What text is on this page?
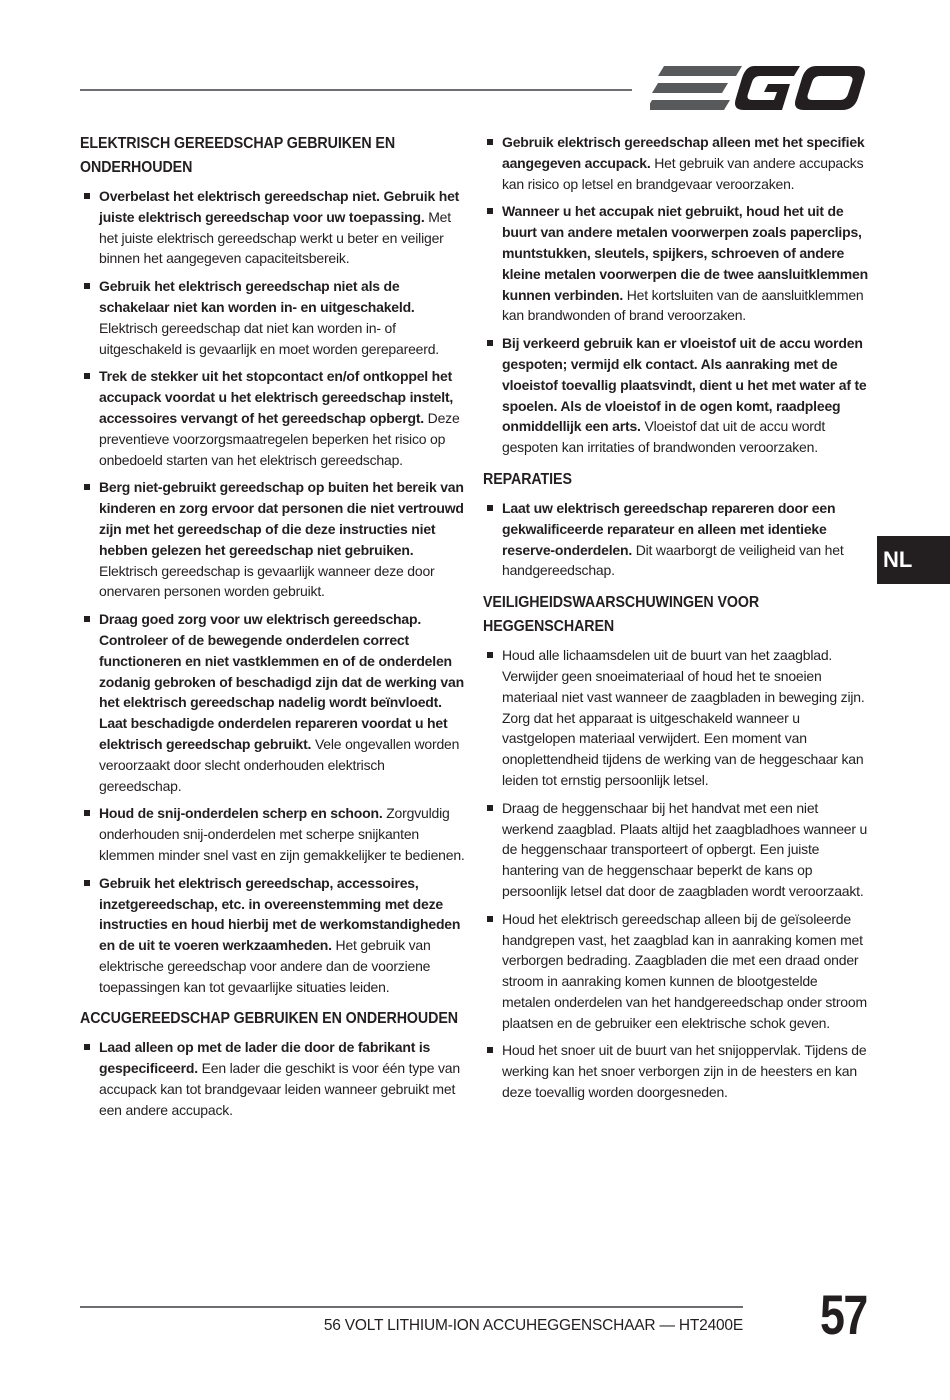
EGO
ELEKTRISCH GEREEDSCHAP GEBRUIKEN EN ONDERHOUDEN
Overbelast het elektrisch gereedschap niet. Gebruik het juiste elektrisch gereedschap voor uw toepassing. Met het juiste elektrisch gereedschap werkt u beter en veiliger binnen het aangegeven capaciteitsbereik.
Gebruik het elektrisch gereedschap niet als de schakelaar niet kan worden in- en uitgeschakeld. Elektrisch gereedschap dat niet kan worden in- of uitgeschakeld is gevaarlijk en moet worden gerepareerd.
Trek de stekker uit het stopcontact en/of ontkoppel het accupack voordat u het elektrisch gereedschap instelt, accessoires vervangt of het gereedschap opbergt. Deze preventieve voorzorgsmaatregelen beperken het risico op onbedoeld starten van het elektrisch gereedschap.
Berg niet-gebruikt gereedschap op buiten het bereik van kinderen en zorg ervoor dat personen die niet vertrouwd zijn met het gereedschap of die deze instructies niet hebben gelezen het gereedschap niet gebruiken. Elektrisch gereedschap is gevaarlijk wanneer deze door onervaren personen worden gebruikt.
Draag goed zorg voor uw elektrisch gereedschap. Controleer of de bewegende onderdelen correct functioneren en niet vastklemmen en of de onderdelen zodanig gebroken of beschadigd zijn dat de werking van het elektrisch gereedschap nadelig wordt beïnvloedt. Laat beschadigde onderdelen repareren voordat u het elektrisch gereedschap gebruikt. Vele ongevallen worden veroorzaakt door slecht onderhouden elektrisch gereedschap.
Houd de snij-onderdelen scherp en schoon. Zorgvuldig onderhouden snij-onderdelen met scherpe snijkanten klemmen minder snel vast en zijn gemakkelijker te bedienen.
Gebruik het elektrisch gereedschap, accessoires, inzetgereedschap, etc. in overeenstemming met deze instructies en houd hierbij met de werkomstandigheden en de uit te voeren werkzaamheden. Het gebruik van elektrische gereedschap voor andere dan de voorziene toepassingen kan tot gevaarlijke situaties leiden.
ACCUGEREEDSCHAP GEBRUIKEN EN ONDERHOUDEN
Laad alleen op met de lader die door de fabrikant is gespecificeerd. Een lader die geschikt is voor één type van accupack kan tot brandgevaar leiden wanneer gebruikt met een andere accupack.
Gebruik elektrisch gereedschap alleen met het specifiek aangegeven accupack. Het gebruik van andere accupacks kan risico op letsel en brandgevaar veroorzaken.
Wanneer u het accupak niet gebruikt, houd het uit de buurt van andere metalen voorwerpen zoals paperclips, muntstukken, sleutels, spijkers, schroeven of andere kleine metalen voorwerpen die de twee aansluitklemmen kunnen verbinden. Het kortsluiten van de aansluitklemmen kan brandwonden of brand veroorzaken.
Bij verkeerd gebruik kan er vloeistof uit de accu worden gespoten; vermijd elk contact. Als aanraking met de vloeistof toevallig plaatsvindt, dient u het met water af te spoelen. Als de vloeistof in de ogen komt, raadpleeg onmiddellijk een arts. Vloeistof dat uit de accu wordt gespoten kan irritaties of brandwonden veroorzaken.
REPARATIES
Laat uw elektrisch gereedschap repareren door een gekwalificeerde reparateur en alleen met identieke reserve-onderdelen. Dit waarborgt de veiligheid van het handgereedschap.
VEILIGHEIDSWAARSCHUWINGEN VOOR HEGGENSCHAREN
Houd alle lichaamsdelen uit de buurt van het zaagblad. Verwijder geen snoeimateriaal of houd het te snoeien materiaal niet vast wanneer de zaagbladen in beweging zijn. Zorg dat het apparaat is uitgeschakeld wanneer u vastgelopen materiaal verwijdert. Een moment van onoplettendheid tijdens de werking van de heggeschaar kan leiden tot ernstig persoonlijk letsel.
Draag de heggenschaar bij het handvat met een niet werkend zaagblad. Plaats altijd het zaagbladhoes wanneer u de heggenschaar transporteert of opbergt. Een juiste hantering van de heggenschaar beperkt de kans op persoonlijk letsel dat door de zaagbladen wordt veroorzaakt.
Houd het elektrisch gereedschap alleen bij de geïsoleerde handgrepen vast, het zaagblad kan in aanraking komen met verborgen bedrading. Zaagbladen die met een draad onder stroom in aanraking komen kunnen de blootgestelde metalen onderdelen van het handgereedschap onder stroom plaatsen en de gebruiker een elektrische schok geven.
Houd het snoer uit de buurt van het snijoppervlak. Tijdens de werking kan het snoer verborgen zijn in de heesters en kan deze toevallig worden doorgesneden.
NL
56 VOLT LITHIUM-ION ACCUHEGGENSCHAAR — HT2400E 57
